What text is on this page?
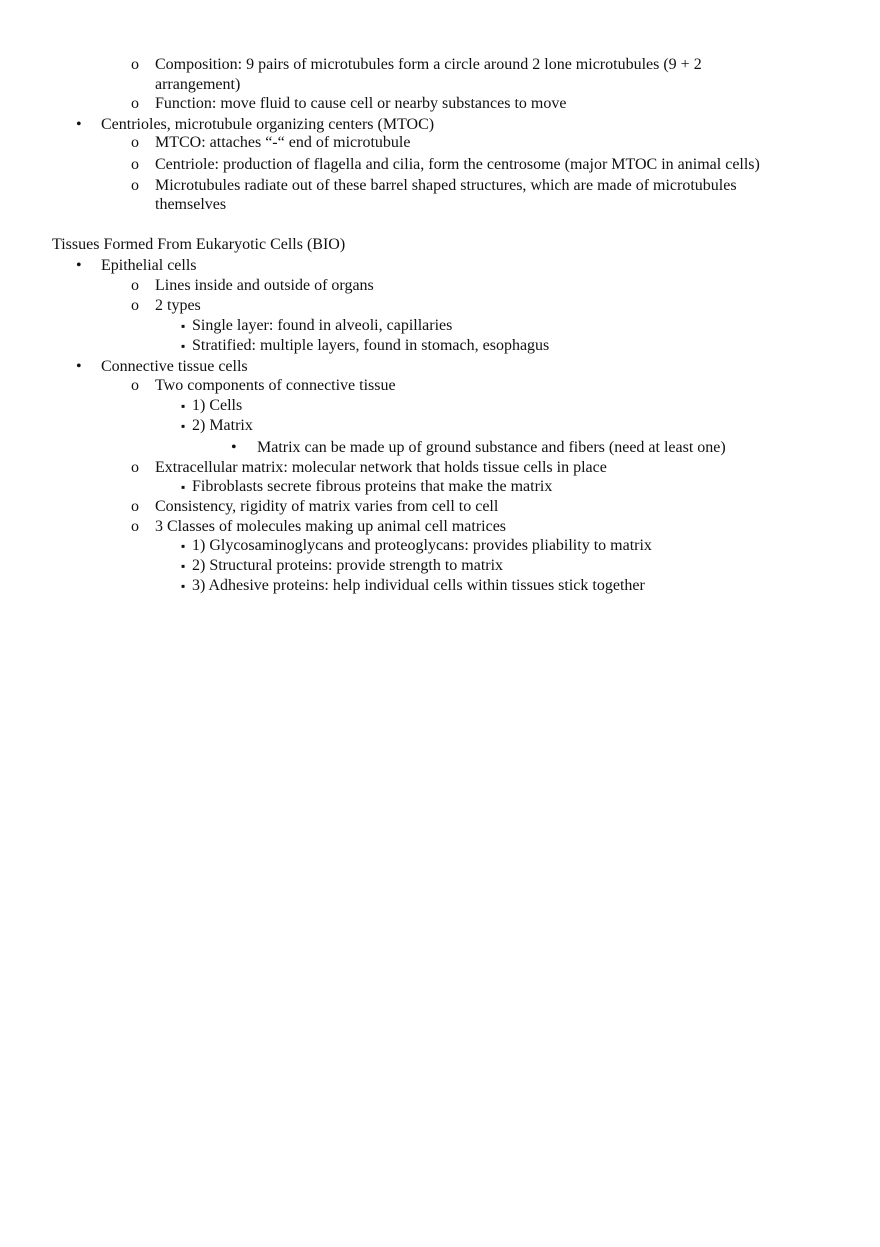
o Composition: 9 pairs of microtubules form a circle around 2 lone microtubules (9 + 2
arrangement)
o Function: move fluid to cause cell or nearby substances to move
• Centrioles, microtubule organizing centers (MTOC)
o MTCO: attaches “-“ end of microtubule
o Centriole: production of flagella and cilia, form the centrosome (major MTOC in animal cells)
o Microtubules radiate out of these barrel shaped structures, which are made of microtubules
themselves
Tissues Formed From Eukaryotic Cells (BIO)
• Epithelial cells
o Lines inside and outside of organs
o 2 types
▪ Single layer: found in alveoli, capillaries
▪ Stratified: multiple layers, found in stomach, esophagus
• Connective tissue cells
o Two components of connective tissue
▪ 1) Cells
▪ 2) Matrix
• Matrix can be made up of ground substance and fibers (need at least one)
o Extracellular matrix: molecular network that holds tissue cells in place
▪ Fibroblasts secrete fibrous proteins that make the matrix
o Consistency, rigidity of matrix varies from cell to cell
o 3 Classes of molecules making up animal cell matrices
▪ 1) Glycosaminoglycans and proteoglycans: provides pliability to matrix
▪ 2) Structural proteins: provide strength to matrix
▪ 3) Adhesive proteins: help individual cells within tissues stick together
